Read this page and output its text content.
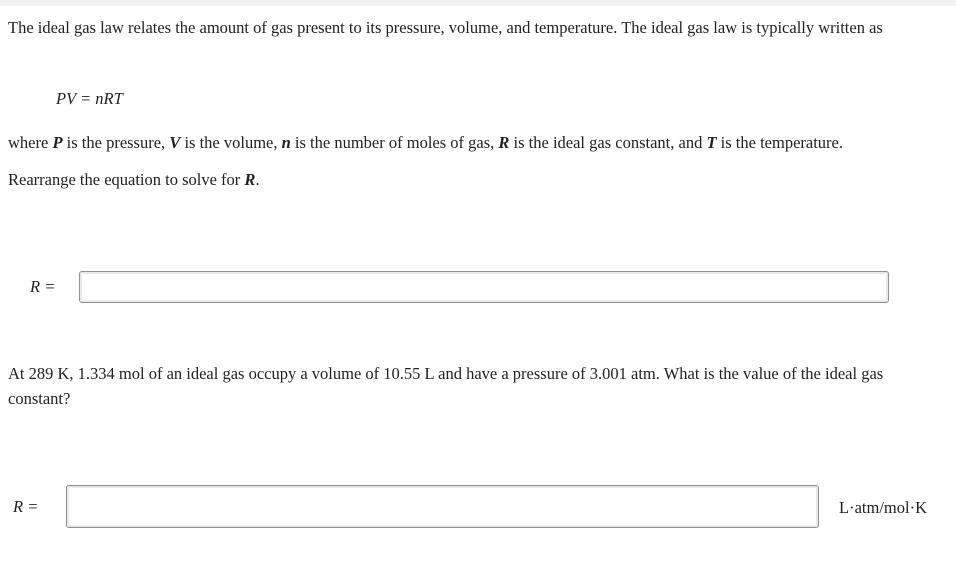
The ideal gas law relates the amount of gas present to its pressure, volume, and temperature. The ideal gas law is typically written as
PV = nRT
where P is the pressure, V is the volume, n is the number of moles of gas, R is the ideal gas constant, and T is the temperature.
Rearrange the equation to solve for R.
R =
At 289 K, 1.334 mol of an ideal gas occupy a volume of 10.55 L and have a pressure of 3.001 atm. What is the value of the ideal gas constant?
R =	L·atm/mol·K
